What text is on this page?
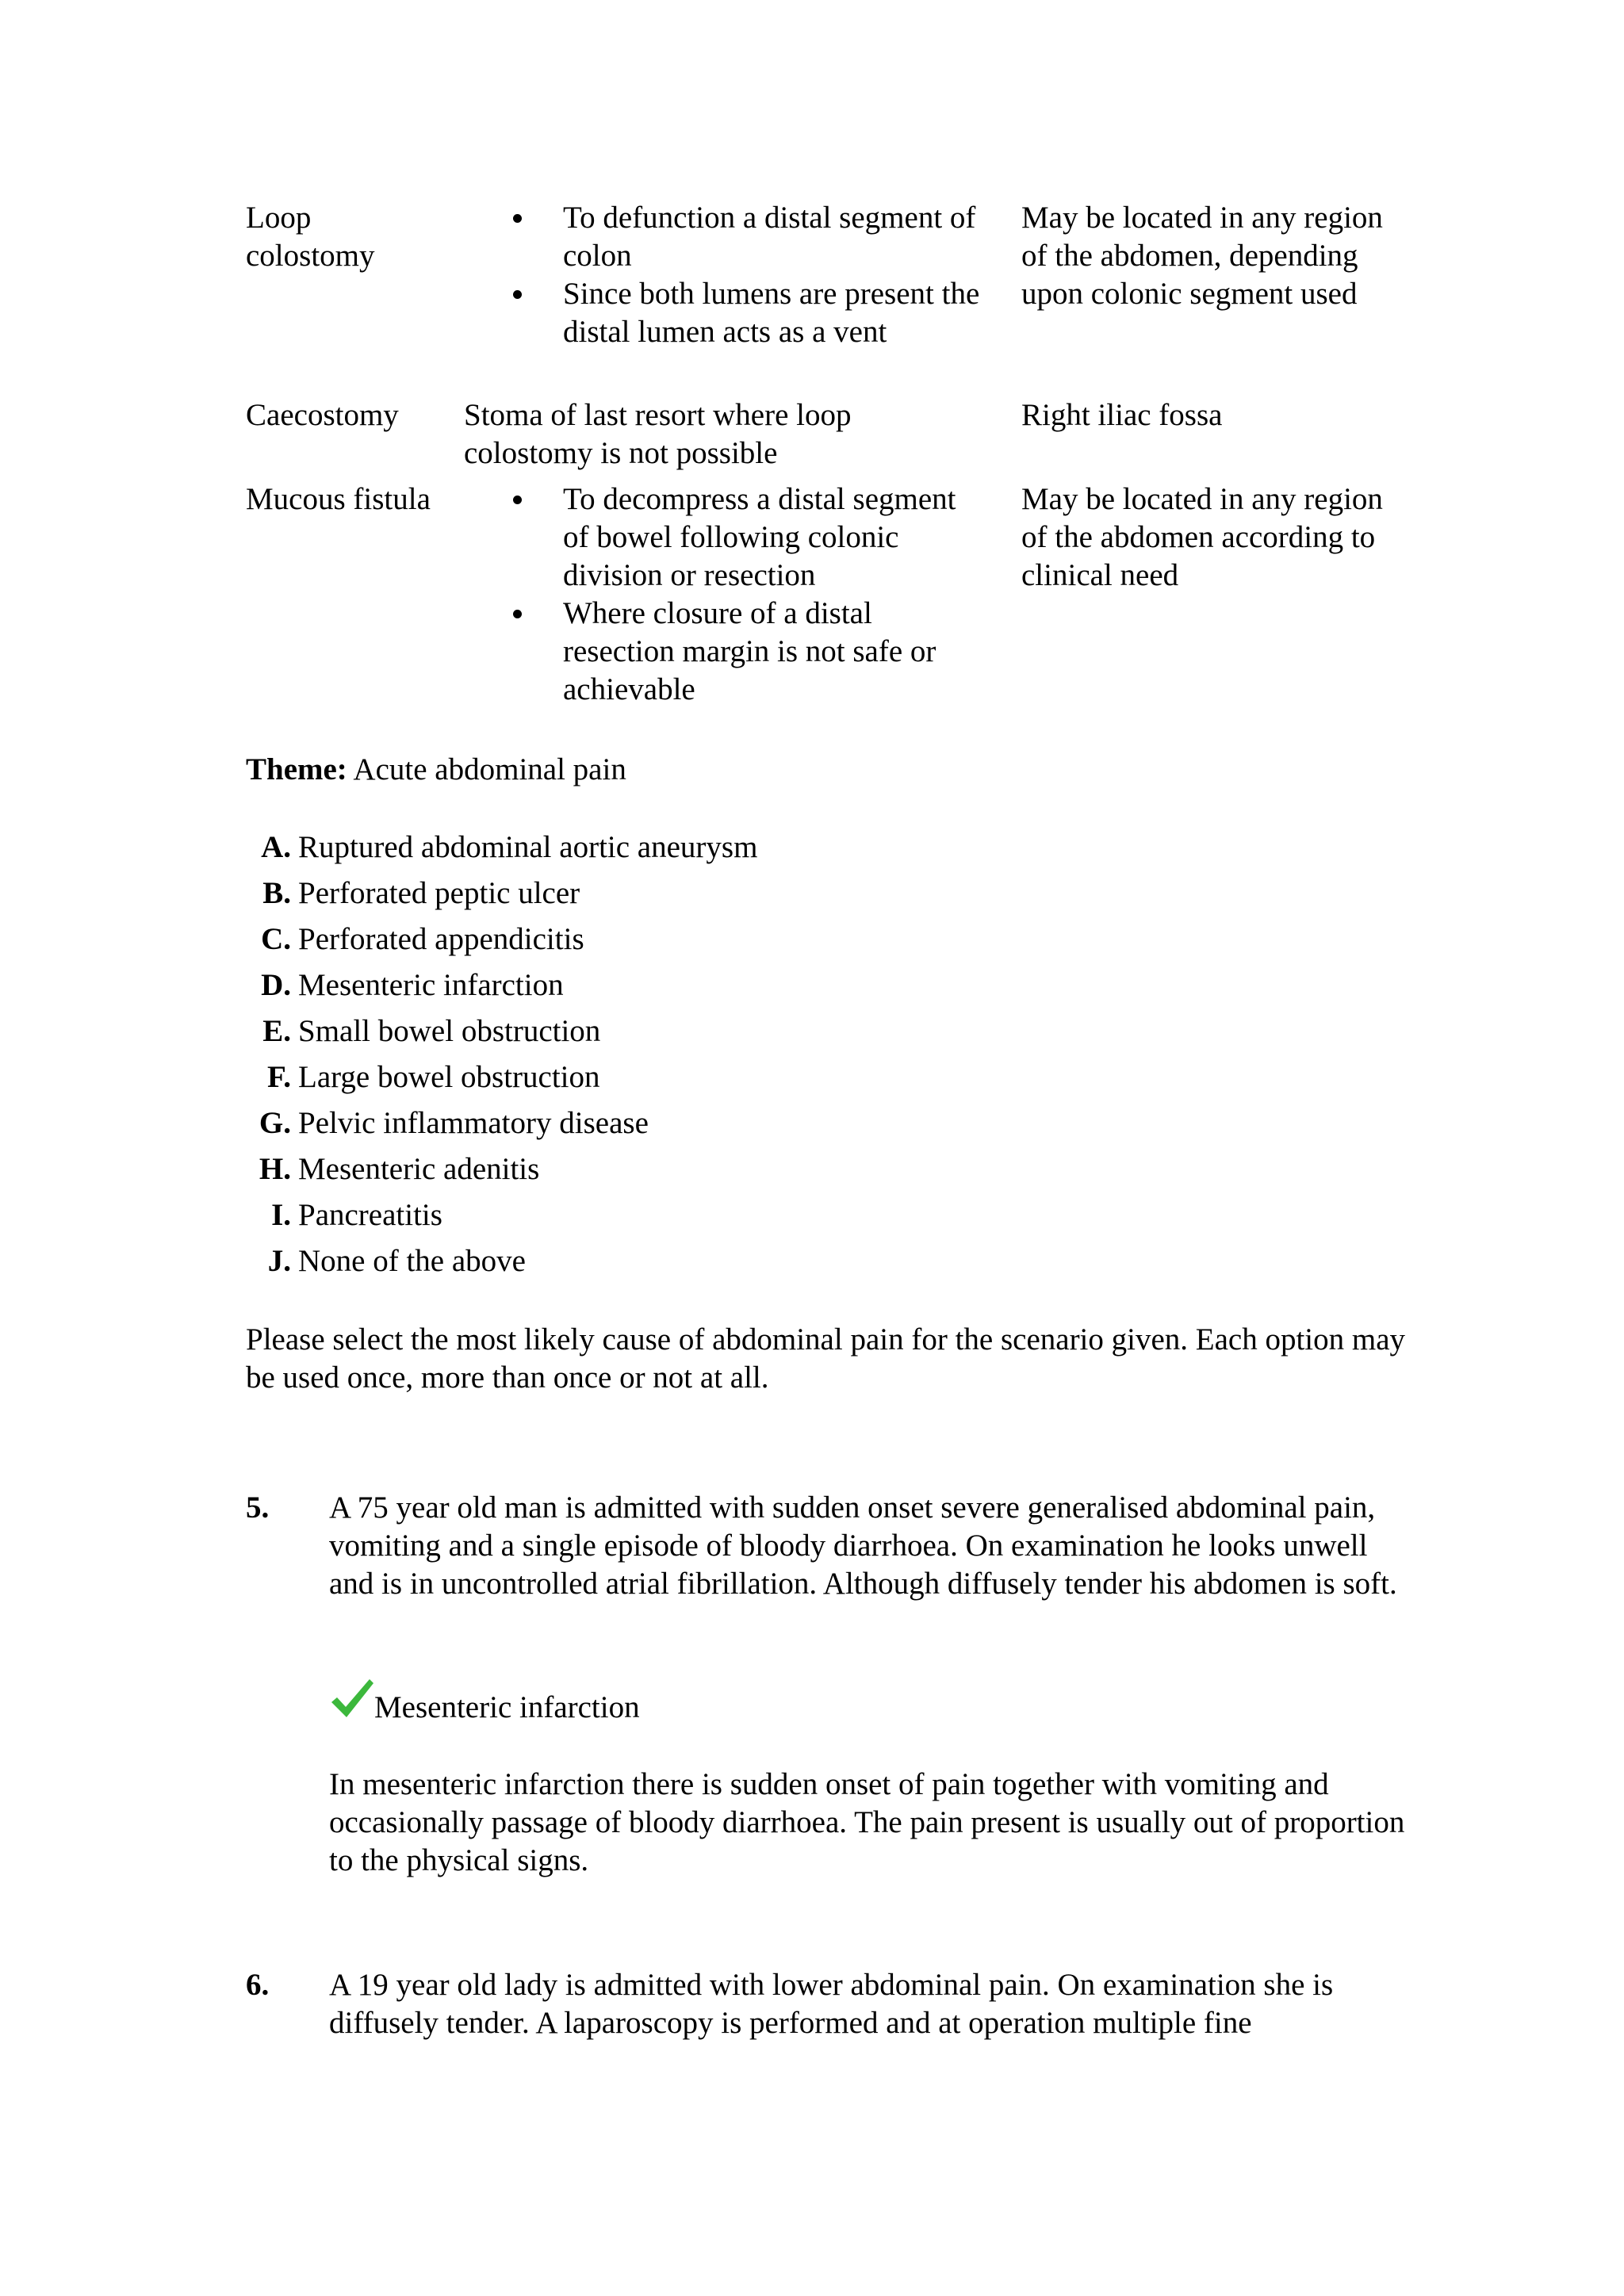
Loop
colostomy
To defunction a distal segment of colon
Since both lumens are present the distal lumen acts as a vent
May be located in any region of the abdomen, depending upon colonic segment used
Caecostomy	Stoma of last resort where loop colostomy is not possible
Right iliac fossa
Mucous fistula	To decompress a distal segment of bowel following colonic division or resection
Where closure of a distal resection margin is not safe or achievable
May be located in any region of the abdomen according to clinical need
Theme: Acute abdominal pain
A. Ruptured abdominal aortic aneurysm
B. Perforated peptic ulcer
C. Perforated appendicitis
D. Mesenteric infarction
E. Small bowel obstruction
F. Large bowel obstruction
G. Pelvic inflammatory disease
H. Mesenteric adenitis
I. Pancreatitis
J. None of the above
Please select the most likely cause of abdominal pain for the scenario given. Each option may be used once, more than once or not at all.
5. A 75 year old man is admitted with sudden onset severe generalised abdominal pain, vomiting and a single episode of bloody diarrhoea. On examination he looks unwell and is in uncontrolled atrial fibrillation. Although diffusely tender his abdomen is soft.
Mesenteric infarction
In mesenteric infarction there is sudden onset of pain together with vomiting and occasionally passage of bloody diarrhoea. The pain present is usually out of proportion to the physical signs.
6. A 19 year old lady is admitted with lower abdominal pain. On examination she is diffusely tender. A laparoscopy is performed and at operation multiple fine
